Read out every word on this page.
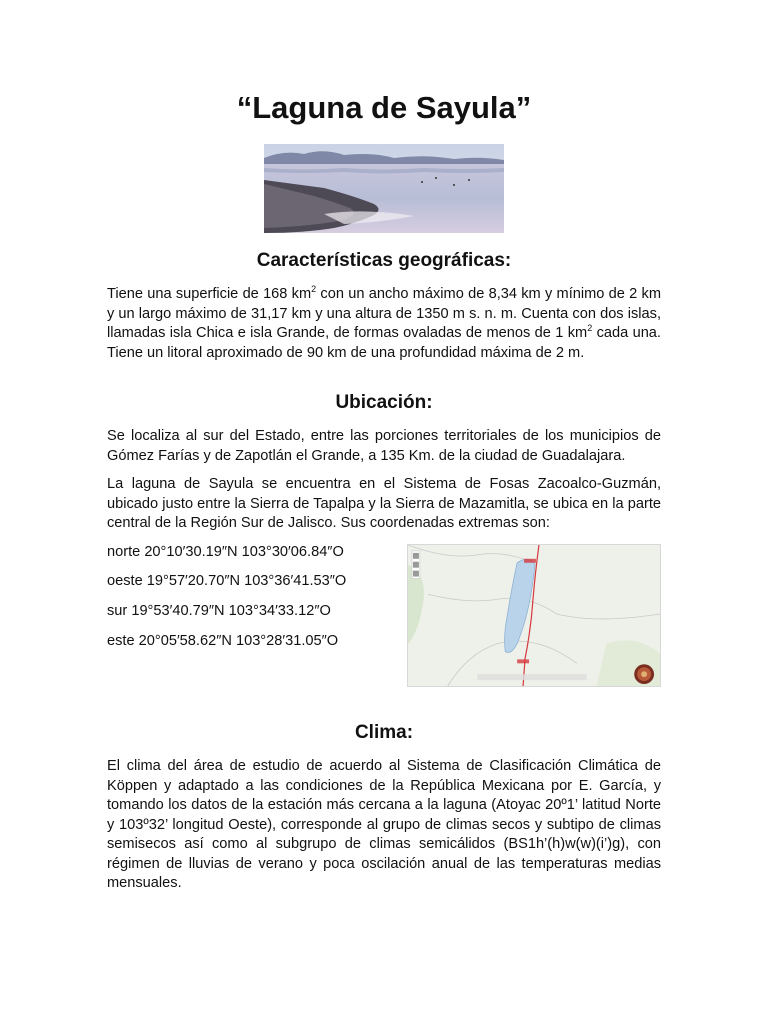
“Laguna de Sayula”
Características geográficas:

Tiene una superficie de 168 $km^2$ con un ancho máximo de 8,34 km y mínimo de 2 km y un largo máximo de 31,17 km y una altura de 1350 m s. n. m. Cuenta con dos islas, llamadas isla Chica e isla Grande, de formas ovaladas de menos de 1 $km^2$ cada una. Tiene un litoral aproximado de 90 km de una profundidad máxima de 2 m.

Ubicación:

Se localiza al sur del Estado, entre las porciones territoriales de los municipios de Gómez Farías y de Zapotlán el Grande, a 135 Km. de la ciudad de Guadalajara.

La laguna de Sayula se encuentra en el Sistema de Fosas Zacoalco-Guzmán, ubicado justo entre la Sierra de Tapalpa y la Sierra de Mazamitla, se ubica en la parte central de la Región Sur de Jalisco. Sus coordenadas extremas son:

norte 20°10′30.19″N 103°30′06.84″O

oeste 19°57′20.70″N 103°36′41.53″O

sur 19°53′40.79″N 103°34′33.12″O

este 20°05′58.62″N 103°28′31.05″O

Clima:

El clima del área de estudio de acuerdo al Sistema de Clasificación Climática de Köppen y adaptado a las condiciones de la República Mexicana por E. García, y tomando los datos de la estación más cercana a la laguna (Atoyac 20º1’ latitud Norte y 103º32’ longitud Oeste), corresponde al grupo de climas secos y subtipo de climas semisecos así como al subgrupo de climas semicálidos (BS1h’(h)w(w)(i’)g), con régimen de lluvias de verano y poca oscilación anual de las temperaturas medias mensuales.
